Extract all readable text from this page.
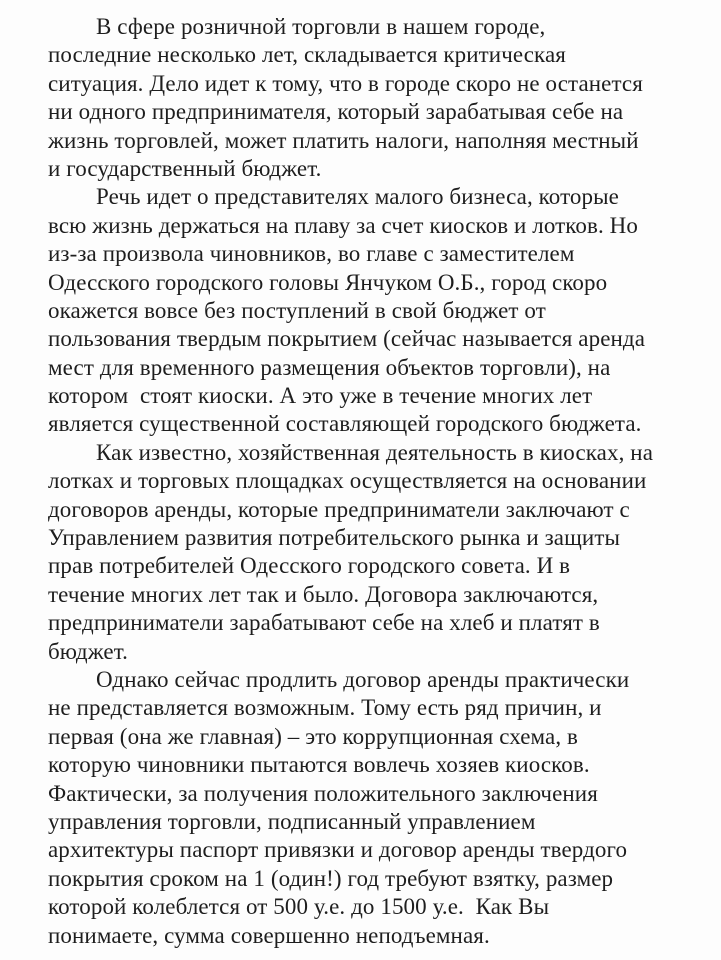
В сфере розничной торговли в нашем городе,
последние несколько лет, складывается критическая
ситуация. Дело идет к тому, что в городе скоро не останется
ни одного предпринимателя, который зарабатывая себе на
жизнь торговлей, может платить налоги, наполняя местный
и государственный бюджет.
Речь идет о представителях малого бизнеса, которые
всю жизнь держаться на плаву за счет киосков и лотков. Но
из-за произвола чиновников, во главе с заместителем
Одесского городского головы Янчуком О.Б., город скоро
окажется вовсе без поступлений в свой бюджет от
пользования твердым покрытием (сейчас называется аренда
мест для временного размещения объектов торговли), на
котором  стоят киоски. А это уже в течение многих лет
является существенной составляющей городского бюджета.
Как известно, хозяйственная деятельность в киосках, на
лотках и торговых площадках осуществляется на основании
договоров аренды, которые предприниматели заключают с
Управлением развития потребительского рынка и защиты
прав потребителей Одесского городского совета. И в
течение многих лет так и было. Договора заключаются,
предприниматели зарабатывают себе на хлеб и платят в
бюджет.
Однако сейчас продлить договор аренды практически
не представляется возможным. Тому есть ряд причин, и
первая (она же главная) – это коррупционная схема, в
которую чиновники пытаются вовлечь хозяев киосков.
Фактически, за получения положительного заключения
управления торговли, подписанный управлением
архитектуры паспорт привязки и договор аренды твердого
покрытия сроком на 1 (один!) год требуют взятку, размер
которой колеблется от 500 у.е. до 1500 у.е.  Как Вы
понимаете, сумма совершенно неподъемная.
